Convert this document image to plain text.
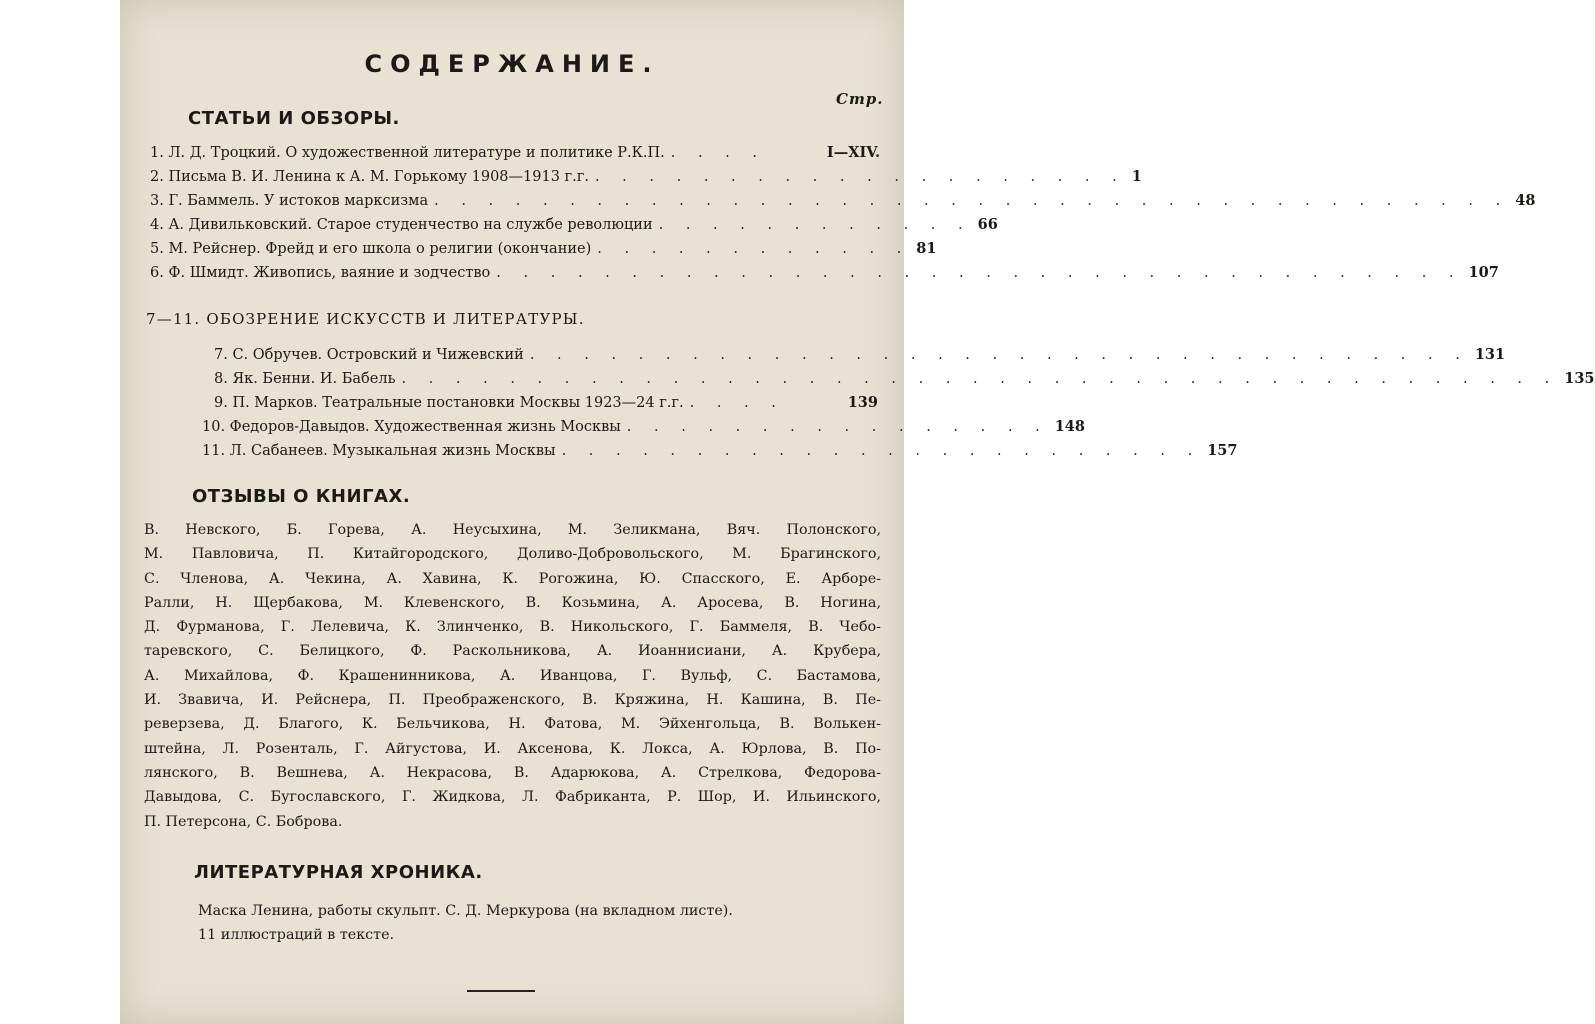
СОДЕРЖАНИЕ.
Стр.
СТАТЬИ И ОБЗОРЫ.
1. Л. Д. Троцкий. О художественной литературе и политике Р.К.П. . . . .	I—XIV.
2. Письма В. И. Ленина к А. М. Горькому 1908—1913 г.г. . . . . . . . . . . . . . . . . . . . . 1
3. Г. Баммель. У истоков марксизма . . . . . . . . . . . . . . . . . . . . . . . . . . . . . . . . . . . . . . . . 48
4. А. Дивильковский. Старое студенчество на службе революции . . . . . . . . . . . . 66
5. М. Рейснер. Фрейд и его школа о религии (окончание) . . . . . . . . . . . . 81
6. Ф. Шмидт. Живопись, ваяние и зодчество . . . . . . . . . . . . . . . . . . . . . . . . . . . . . . . . . . . . 107
7—11. ОБОЗРЕНИЕ ИСКУССТВ И ЛИТЕРАТУРЫ.
7. С. Обручев. Островский и Чижевский . . . . . . . . . . . . . . . . . . . . . . . . . . . . . . . . . . . 131
8. Як. Бенни. И. Бабель . . . . . . . . . . . . . . . . . . . . . . . . . . . . . . . . . . . . . . . . . . . 135
9. П. Марков. Театральные постановки Москвы 1923—24 г.г. . . . .	139
10. Федоров-Давыдов. Художественная жизнь Москвы . . . . . . . . . . . . . . . . 148
11. Л. Сабанеев. Музыкальная жизнь Москвы . . . . . . . . . . . . . . . . . . . . . . . . 157
ОТЗЫВЫ О КНИГАХ.
В. Невского, Б. Горева, А. Неусыхина, М. Зеликмана, Вяч. Полонского,
М. Павловича, П. Китайгородского, Доливо-Добровольского, М. Брагинского,
С. Членова, А. Чекина, А. Хавина, К. Рогожина, Ю. Спасского, Е. Арборе-
Ралли, Н. Щербакова, М. Клевенского, В. Козьмина, А. Аросева, В. Ногина,
Д. Фурманова, Г. Лелевича, К. Злинченко, В. Никольского, Г. Баммеля, В. Чебо-
таревского, С. Белицкого, Ф. Раскольникова, А. Иоаннисиани, А. Крубера,
А. Михайлова, Ф. Крашенинникова, А. Иванцова, Г. Вульф, С. Бастамова,
И. Звавича, И. Рейснера, П. Преображенского, В. Кряжина, Н. Кашина, В. Пе-
реверзева, Д. Благого, К. Бельчикова, Н. Фатова, М. Эйхенгольца, В. Волькен-
штейна, Л. Розенталь, Г. Айгустова, И. Аксенова, К. Локса, А. Юрлова, В. По-
лянского, В. Вешнева, А. Некрасова, В. Адарюкова, А. Стрелкова, Федорова-
Давыдова, С. Бугославского, Г. Жидкова, Л. Фабриканта, Р. Шор, И. Ильинского,
П. Петерсона, С. Боброва.
ЛИТЕРАТУРНАЯ ХРОНИКА.
Маска Ленина, работы скульпт. С. Д. Меркурова (на вкладном листе).
11 иллюстраций в тексте.
